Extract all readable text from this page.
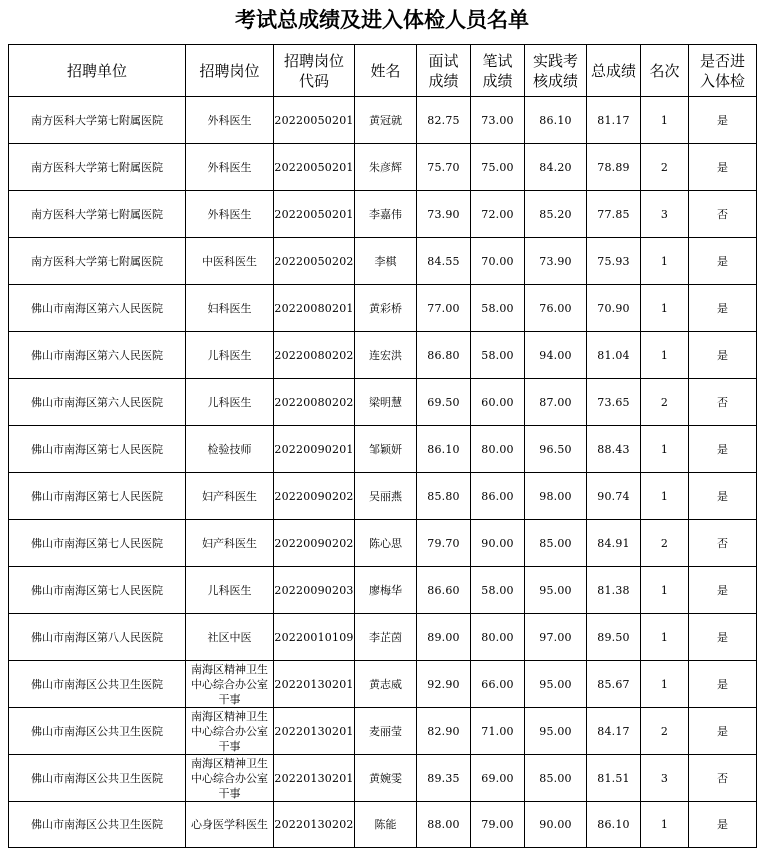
考试总成绩及进入体检人员名单
招聘单位	招聘岗位	招聘岗位代码	姓名	面试成绩	笔试成绩	实践考核成绩	总成绩	名次	是否进入体检
南方医科大学第七附属医院	外科医生	20220050201	黄冠就	82.75	73.00	86.10	81.17	1	是
南方医科大学第七附属医院	外科医生	20220050201	朱彦辉	75.70	75.00	84.20	78.89	2	是
南方医科大学第七附属医院	外科医生	20220050201	李嘉伟	73.90	72.00	85.20	77.85	3	否
南方医科大学第七附属医院	中医科医生	20220050202	李棋	84.55	70.00	73.90	75.93	1	是
佛山市南海区第六人民医院	妇科医生	20220080201	黄彩桥	77.00	58.00	76.00	70.90	1	是
佛山市南海区第六人民医院	儿科医生	20220080202	连宏洪	86.80	58.00	94.00	81.04	1	是
佛山市南海区第六人民医院	儿科医生	20220080202	梁明慧	69.50	60.00	87.00	73.65	2	否
佛山市南海区第七人民医院	检验技师	20220090201	邹颖妍	86.10	80.00	96.50	88.43	1	是
佛山市南海区第七人民医院	妇产科医生	20220090202	吴丽燕	85.80	86.00	98.00	90.74	1	是
佛山市南海区第七人民医院	妇产科医生	20220090202	陈心思	79.70	90.00	85.00	84.91	2	否
佛山市南海区第七人民医院	儿科医生	20220090203	廖梅华	86.60	58.00	95.00	81.38	1	是
佛山市南海区第八人民医院	社区中医	20220010109	李芷茵	89.00	80.00	97.00	89.50	1	是
佛山市南海区公共卫生医院	南海区精神卫生中心综合办公室干事	20220130201	黄志威	92.90	66.00	95.00	85.67	1	是
佛山市南海区公共卫生医院	南海区精神卫生中心综合办公室干事	20220130201	麦丽莹	82.90	71.00	95.00	84.17	2	是
佛山市南海区公共卫生医院	南海区精神卫生中心综合办公室干事	20220130201	黄婉雯	89.35	69.00	85.00	81.51	3	否
佛山市南海区公共卫生医院	心身医学科医生	20220130202	陈能	88.00	79.00	90.00	86.10	1	是
